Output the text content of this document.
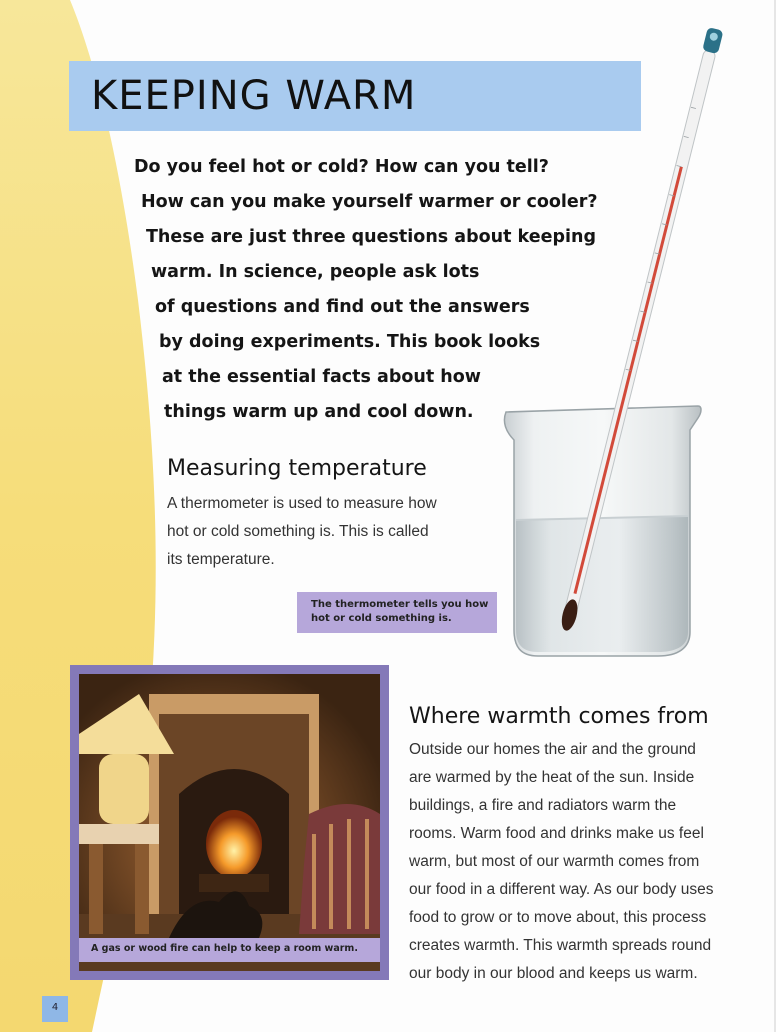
KEEPING WARM
Do you feel hot or cold? How can you tell?
How can you make yourself warmer or cooler?
These are just three questions about keeping
warm. In science, people ask lots
of questions and find out the answers
by doing experiments. This book looks
at the essential facts about how
things warm up and cool down.
Measuring temperature
A thermometer is used to measure how
hot or cold something is. This is called
its temperature.
The thermometer tells you how
hot or cold something is.
A gas or wood fire can help to keep a room warm.
Where warmth comes from
Outside our homes the air and the ground
are warmed by the heat of the sun. Inside
buildings, a fire and radiators warm the
rooms. Warm food and drinks make us feel
warm, but most of our warmth comes from
our food in a different way. As our body uses
food to grow or to move about, this process
creates warmth. This warmth spreads round
our body in our blood and keeps us warm.
4
